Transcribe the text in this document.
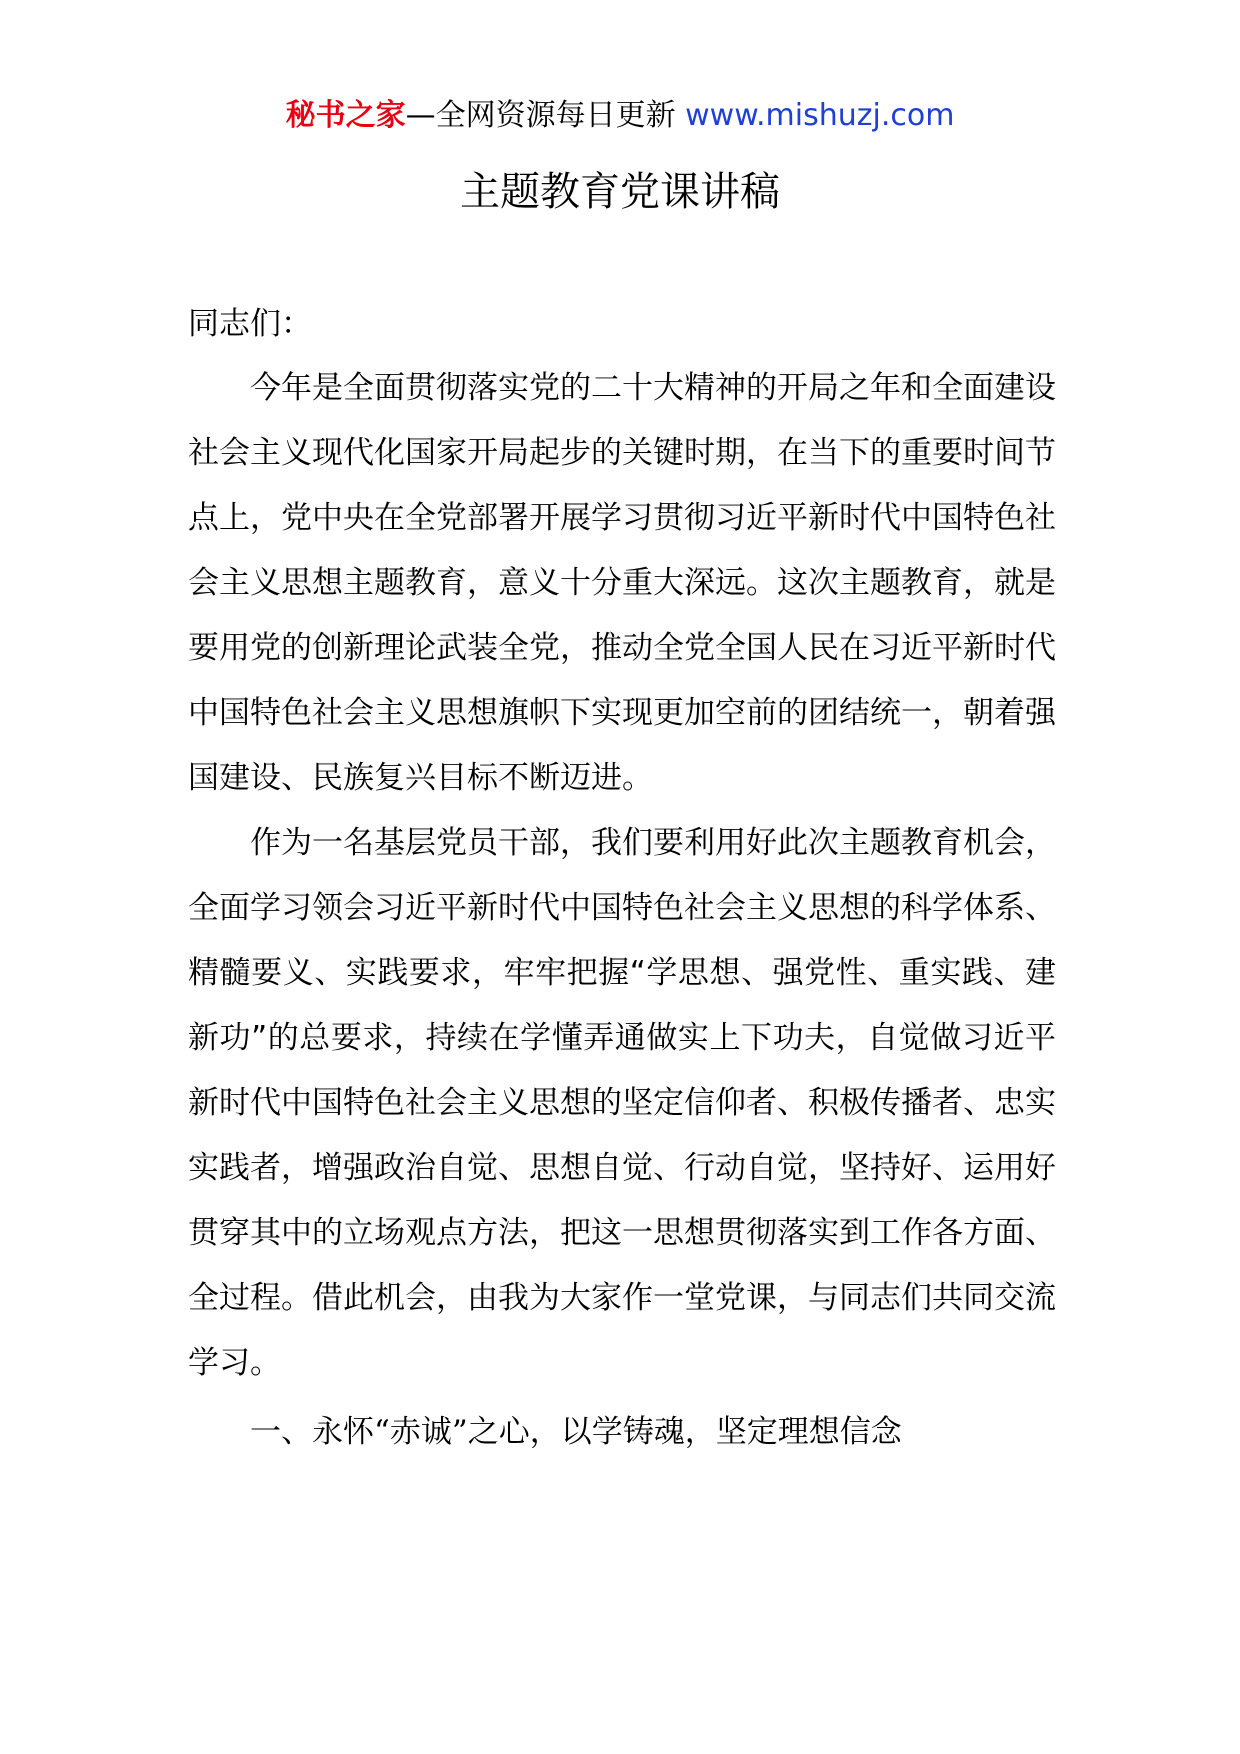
秘书之家—全网资源每日更新 www.mishuzj.com
主题教育党课讲稿

同志们：

今年是全面贯彻落实党的二十大精神的开局之年和全面建设社会主义现代化国家开局起步的关键时期，在当下的重要时间节点上，党中央在全党部署开展学习贯彻习近平新时代中国特色社会主义思想主题教育，意义十分重大深远。这次主题教育，就是要用党的创新理论武装全党，推动全党全国人民在习近平新时代中国特色社会主义思想旗帜下实现更加空前的团结统一，朝着强国建设、民族复兴目标不断迈进。

作为一名基层党员干部，我们要利用好此次主题教育机会，全面学习领会习近平新时代中国特色社会主义思想的科学体系、精髓要义、实践要求，牢牢把握“学思想、强党性、重实践、建新功”的总要求，持续在学懂弄通做实上下功夫，自觉做习近平新时代中国特色社会主义思想的坚定信仰者、积极传播者、忠实实践者，增强政治自觉、思想自觉、行动自觉，坚持好、运用好贯穿其中的立场观点方法，把这一思想贯彻落实到工作各方面、全过程。借此机会，由我为大家作一堂党课，与同志们共同交流学习。

一、永怀“赤诚”之心，以学铸魂，坚定理想信念
